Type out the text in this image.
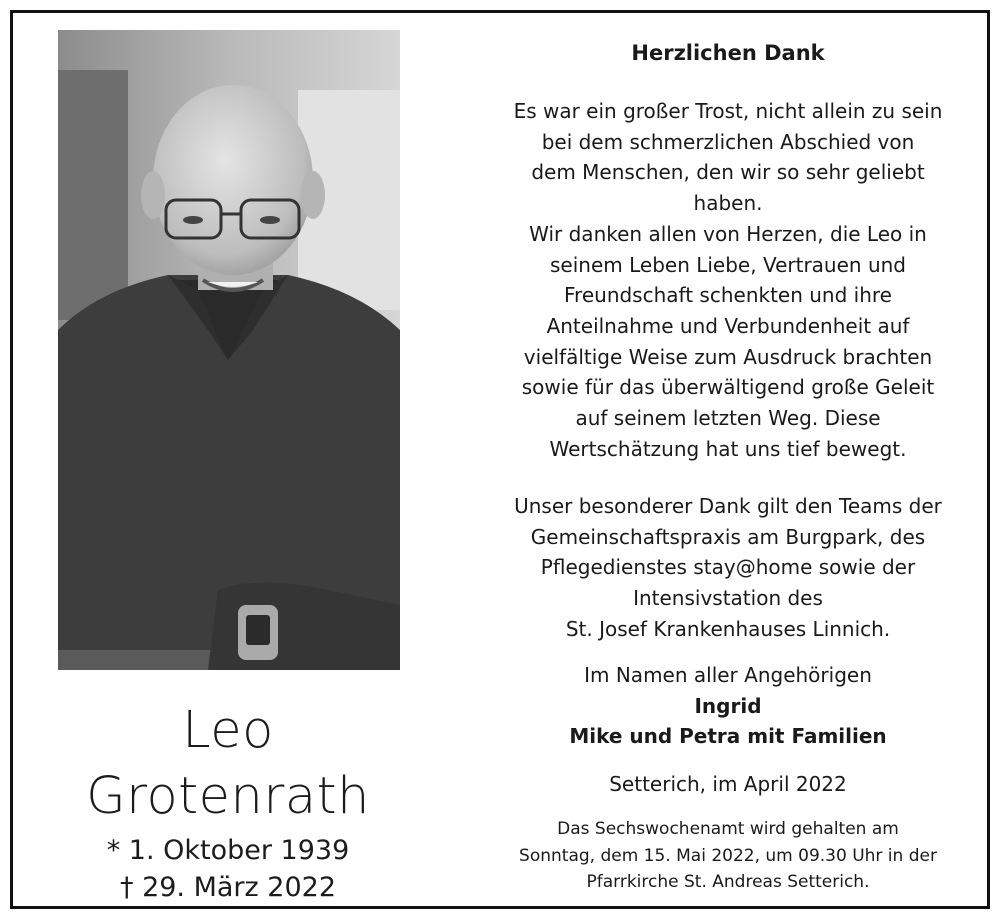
Leo
Grotenrath
* 1. Oktober 1939
† 29. März 2022
Herzlichen Dank
Es war ein großer Trost, nicht allein zu sein
bei dem schmerzlichen Abschied von
dem Menschen, den wir so sehr geliebt
haben.
Wir danken allen von Herzen, die Leo in
seinem Leben Liebe, Vertrauen und
Freundschaft schenkten und ihre
Anteilnahme und Verbundenheit auf
vielfältige Weise zum Ausdruck brachten
sowie für das überwältigend große Geleit
auf seinem letzten Weg. Diese
Wertschätzung hat uns tief bewegt.
Unser besonderer Dank gilt den Teams der
Gemeinschaftspraxis am Burgpark, des
Pflegedienstes stay@home sowie der
Intensivstation des
St. Josef Krankenhauses Linnich.
Im Namen aller Angehörigen
Ingrid
Mike und Petra mit Familien
Setterich, im April 2022
Das Sechswochenamt wird gehalten am
Sonntag, dem 15. Mai 2022, um 09.30 Uhr in der
Pfarrkirche St. Andreas Setterich.
